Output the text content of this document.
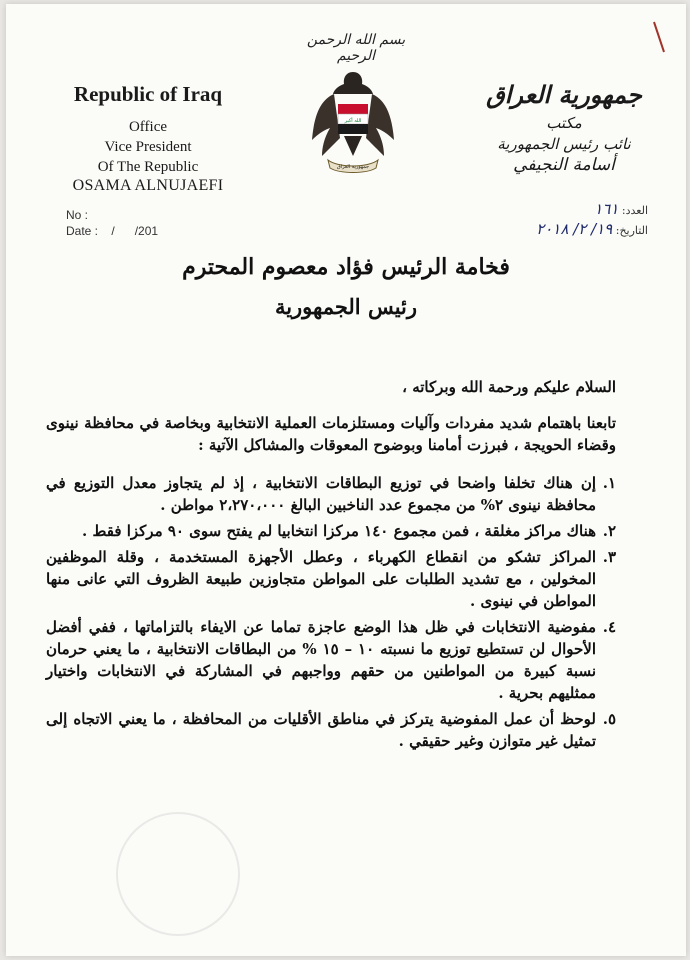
بسم الله الرحمن الرحيم
الله أكبر
جمهورية العراق
Republic of Iraq
Office
Vice President
Of The Republic
OSAMA ALNUJAEFI
No :
Date :    /      /201
جمهورية العراق
مكتب
نائب رئيس الجمهورية
أسامة النجيفي
العدد: ١٦١
التاريخ: ١٩/ ٢/ ٢٠١٨
فخامة الرئيس فؤاد معصوم المحترم
رئيس الجمهورية

السلام عليكم ورحمة الله وبركاته ،

تابعنا باهتمام شديد مفردات وآليات ومستلزمات العملية الانتخابية وبخاصة في محافظة نينوى وقضاء الحويجة ، فبرزت أمامنا وبوضوح المعوقات والمشاكل الآتية :

١.
إن هناك تخلفا واضحا في توزيع البطاقات الانتخابية ، إذ لم يتجاوز معدل التوزيع في محافظة نينوى ٢% من مجموع عدد الناخبين البالغ ٢،٢٧٠،٠٠٠ مواطن .
٢.
هناك مراكز مغلقة ، فمن مجموع ١٤٠ مركزا انتخابيا لم يفتح سوى ٩٠ مركزا فقط .
٣.
المراكز تشكو من انقطاع الكهرباء ، وعطل الأجهزة المستخدمة ، وقلة الموظفين المخولين ، مع تشديد الطلبات على المواطن متجاوزين طبيعة الظروف التي عانى منها المواطن في نينوى .
٤.
مفوضية الانتخابات في ظل هذا الوضع عاجزة تماما عن الايفاء بالتزاماتها ، ففي أفضل الأحوال لن تستطيع توزيع ما نسبته ١٠ – ١٥ % من البطاقات الانتخابية ، ما يعني حرمان نسبة كبيرة من المواطنين من حقهم وواجبهم في المشاركة في الانتخابات واختيار ممثليهم بحرية .
٥.
لوحظ أن عمل المفوضية يتركز في مناطق الأقليات من المحافظة ، ما يعني الاتجاه إلى تمثيل غير متوازن وغير حقيقي .
